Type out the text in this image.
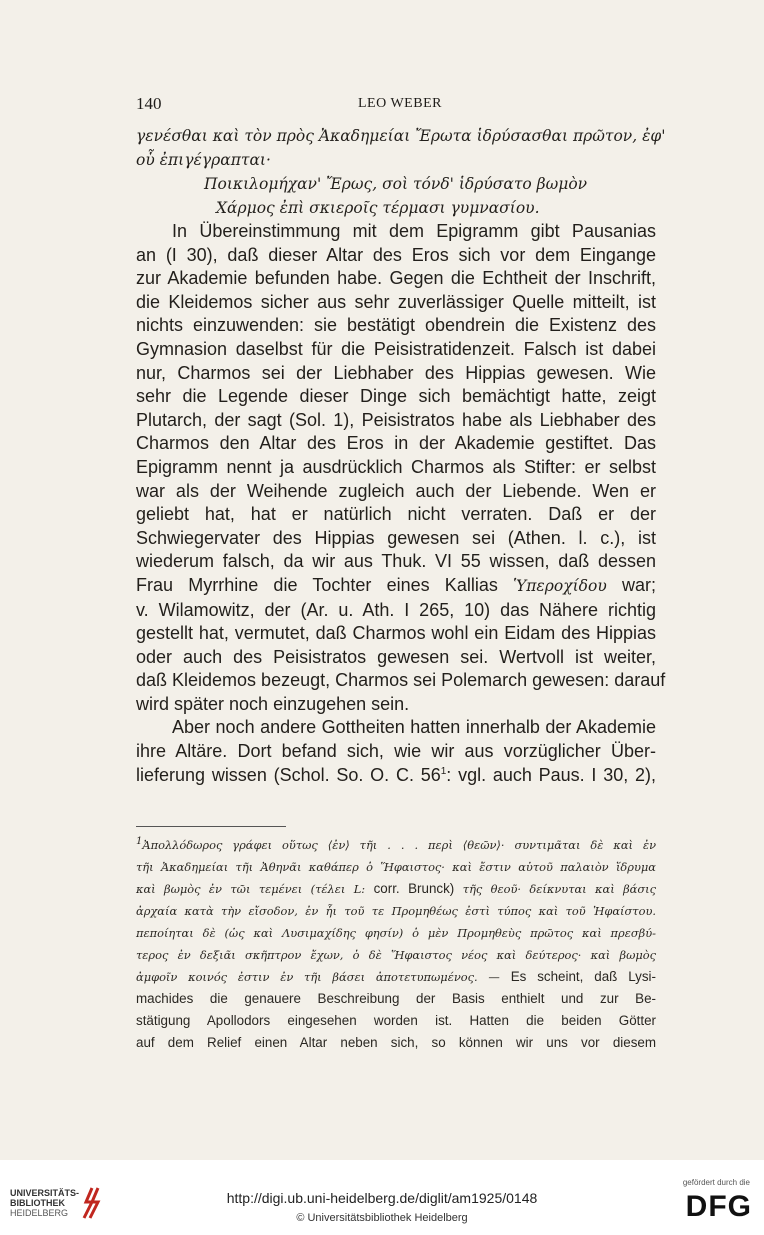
140	LEO WEBER
γενέσθαι καὶ τὸν πρὸς Ἀκαδημείαι Ἔρωτα ἱδρύσασθαι πρῶτον, ἐφ'
οὗ ἐπιγέγραπται·
Ποικιλομήχαν' Ἔρως, σοὶ τόνδ' ἱδρύσατο βωμὸν
Χάρμος ἐπὶ σκιεροῖς τέρμασι γυμνασίου.
In Übereinstimmung mit dem Epigramm gibt Pausanias
an (I 30), daß dieser Altar des Eros sich vor dem Eingange
zur Akademie befunden habe. Gegen die Echtheit der Inschrift,
die Kleidemos sicher aus sehr zuverlässiger Quelle mitteilt, ist
nichts einzuwenden: sie bestätigt obendrein die Existenz des
Gymnasion daselbst für die Peisistratidenzeit. Falsch ist dabei
nur, Charmos sei der Liebhaber des Hippias gewesen. Wie
sehr die Legende dieser Dinge sich bemächtigt hatte, zeigt
Plutarch, der sagt (Sol. 1), Peisistratos habe als Liebhaber des
Charmos den Altar des Eros in der Akademie gestiftet. Das
Epigramm nennt ja ausdrücklich Charmos als Stifter: er selbst
war als der Weihende zugleich auch der Liebende. Wen er
geliebt hat, hat er natürlich nicht verraten. Daß er der
Schwiegervater des Hippias gewesen sei (Athen. l. c.), ist
wiederum falsch, da wir aus Thuk. VI 55 wissen, daß dessen
Frau Myrrhine die Tochter eines Kallias Ὑπεροχίδου war;
v. Wilamowitz, der (Ar. u. Ath. I 265, 10) das Nähere richtig
gestellt hat, vermutet, daß Charmos wohl ein Eidam des Hippias
oder auch des Peisistratos gewesen sei. Wertvoll ist weiter,
daß Kleidemos bezeugt, Charmos sei Polemarch gewesen: darauf
wird später noch einzugehen sein.
Aber noch andere Gottheiten hatten innerhalb der Akademie
ihre Altäre. Dort befand sich, wie wir aus vorzüglicher Über-
lieferung wissen (Schol. So. O. C. $56^1$: vgl. auch Paus. I 30, 2),
$^1$Ἀπολλόδωρος γράφει οὕτως ⟨ἐν⟩ τῆι . . . περὶ ⟨θεῶν⟩· συντιμᾶται δὲ καὶ ἐν
τῆι Ἀκαδημείαι τῆι Ἀθηνᾶι καθάπερ ὁ Ἥφαιστος· καὶ ἔστιν αὐτοῦ παλαιὸν ἵδρυμα
καὶ βωμὸς ἐν τῶι τεμένει (τέλει L: corr. Brunck) τῆς θεοῦ· δείκνυται καὶ βάσις
ἀρχαία κατὰ τὴν εἴσοδον, ἐν ἧι τοῦ τε Προμηθέως ἐστὶ τύπος καὶ τοῦ Ἡφαίστου.
πεποίηται δὲ (ὡς καὶ Λυσιμαχίδης φησίν) ὁ μὲν Προμηθεὺς πρῶτος καὶ πρεσβύ-
τερος ἐν δεξιᾶι σκῆπτρον ἔχων, ὁ δὲ Ἥφαιστος νέος καὶ δεύτερος· καὶ βωμὸς
ἀμφοῖν κοινός ἐστιν ἐν τῆι βάσει ἀποτετυπωμένος. — Es scheint, daß Lysi-
machides die genauere Beschreibung der Basis enthielt und zur Be-
stätigung Apollodors eingesehen worden ist. Hatten die beiden Götter
auf dem Relief einen Altar neben sich, so können wir uns vor diesem
UNIVERSITÄTS-
BIBLIOTHEK
HEIDELBERG
http://digi.ub.uni-heidelberg.de/diglit/am1925/0148
© Universitätsbibliothek Heidelberg
gefördert durch die
DFG
